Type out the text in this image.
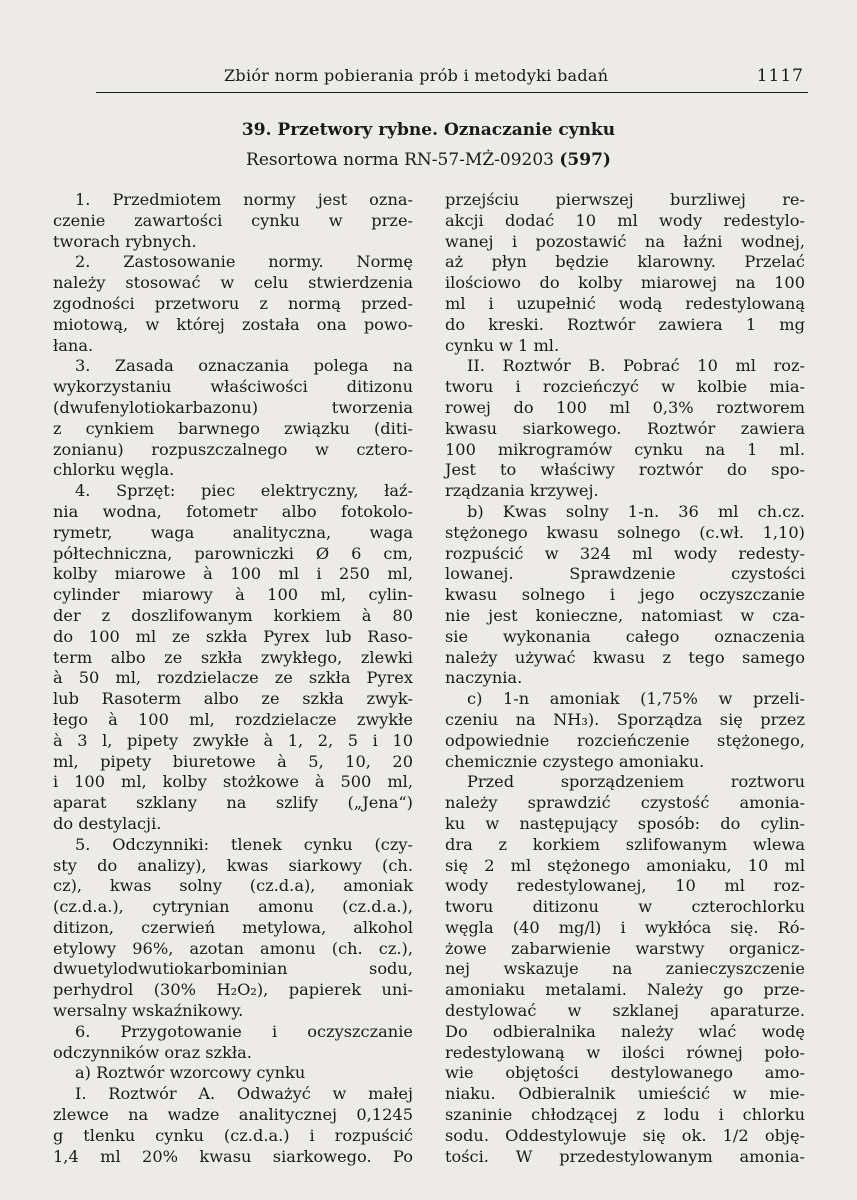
Zbiór norm pobierania prób i metodyki badań	1117
39. Przetwory rybne. Oznaczanie cynku
Resortowa norma RN-57-MŻ-09203 (597)
1. Przedmiotem normy jest ozna-
czenie zawartości cynku w prze-
tworach rybnych.
2. Zastosowanie normy. Normę
należy stosować w celu stwierdzenia
zgodności przetworu z normą przed-
miotową, w której została ona powo-
łana.
3. Zasada oznaczania polega na
wykorzystaniu właściwości ditizonu
(dwufenylotiokarbazonu) tworzenia
z cynkiem barwnego związku (diti-
zonianu) rozpuszczalnego w cztero-
chlorku węgla.
4. Sprzęt: piec elektryczny, łaź-
nia wodna, fotometr albo fotokolo-
rymetr, waga analityczna, waga
półtechniczna, parowniczki Ø 6 cm,
kolby miarowe à 100 ml i 250 ml,
cylinder miarowy à 100 ml, cylin-
der z doszlifowanym korkiem à 80
do 100 ml ze szkła Pyrex lub Raso-
term albo ze szkła zwykłego, zlewki
à 50 ml, rozdzielacze ze szkła Pyrex
lub Rasoterm albo ze szkła zwyk-
łego à 100 ml, rozdzielacze zwykłe
à 3 l, pipety zwykłe à 1, 2, 5 i 10
ml, pipety biuretowe à 5, 10, 20
i 100 ml, kolby stożkowe à 500 ml,
aparat szklany na szlify („Jena“)
do destylacji.
5. Odczynniki: tlenek cynku (czy-
sty do analizy), kwas siarkowy (ch.
cz), kwas solny (cz.d.a), amoniak
(cz.d.a.), cytrynian amonu (cz.d.a.),
ditizon, czerwień metylowa, alkohol
etylowy 96%, azotan amonu (ch. cz.),
dwuetylodwutiokarbominian sodu,
perhydrol (30% H₂O₂), papierek uni-
wersalny wskaźnikowy.
6. Przygotowanie i oczyszczanie
odczynników oraz szkła.
a) Roztwór wzorcowy cynku
I. Roztwór A. Odważyć w małej
zlewce na wadze analitycznej 0,1245
g tlenku cynku (cz.d.a.) i rozpuścić
1,4 ml 20% kwasu siarkowego. Po
przejściu pierwszej burzliwej re-
akcji dodać 10 ml wody redestylo-
wanej i pozostawić na łaźni wodnej,
aż płyn będzie klarowny. Przelać
ilościowo do kolby miarowej na 100
ml i uzupełnić wodą redestylowaną
do kreski. Roztwór zawiera 1 mg
cynku w 1 ml.
II. Roztwór B. Pobrać 10 ml roz-
tworu i rozcieńczyć w kolbie mia-
rowej do 100 ml 0,3% roztworem
kwasu siarkowego. Roztwór zawiera
100 mikrogramów cynku na 1 ml.
Jest to właściwy roztwór do spo-
rządzania krzywej.
b) Kwas solny 1-n. 36 ml ch.cz.
stężonego kwasu solnego (c.wł. 1,10)
rozpuścić w 324 ml wody redesty-
lowanej. Sprawdzenie czystości
kwasu solnego i jego oczyszczanie
nie jest konieczne, natomiast w cza-
sie wykonania całego oznaczenia
należy używać kwasu z tego samego
naczynia.
c) 1-n amoniak (1,75% w przeli-
czeniu na NH₃). Sporządza się przez
odpowiednie rozcieńczenie stężonego,
chemicznie czystego amoniaku.
Przed sporządzeniem roztworu
należy sprawdzić czystość amonia-
ku w następujący sposób: do cylin-
dra z korkiem szlifowanym wlewa
się 2 ml stężonego amoniaku, 10 ml
wody redestylowanej, 10 ml roz-
tworu ditizonu w czterochlorku
węgla (40 mg/l) i wykłóca się. Ró-
żowe zabarwienie warstwy organicz-
nej wskazuje na zanieczyszczenie
amoniaku metalami. Należy go prze-
destylować w szklanej aparaturze.
Do odbieralnika należy wlać wodę
redestylowaną w ilości równej poło-
wie objętości destylowanego amo-
niaku. Odbieralnik umieścić w mie-
szaninie chłodzącej z lodu i chlorku
sodu. Oddestylowuje się ok. 1/2 obję-
tości. W przedestylowanym amonia-
